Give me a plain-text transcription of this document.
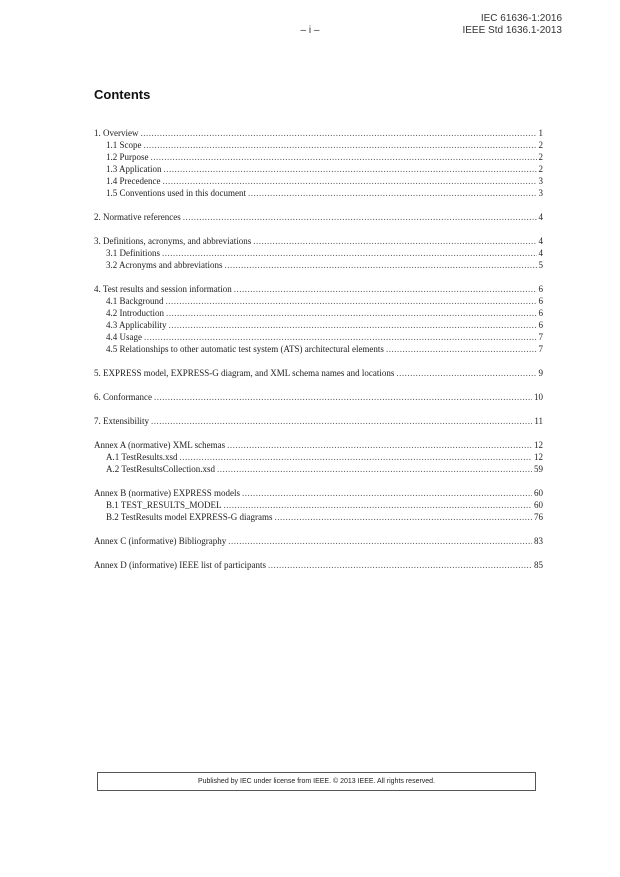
IEC 61636-1:2016
IEEE Std 1636.1-2013
– i –
Contents
1. Overview .....	1
1.1 Scope .....	2
1.2 Purpose .....	2
1.3 Application .....	2
1.4 Precedence .....	3
1.5 Conventions used in this document .....	3
2. Normative references .....	4
3. Definitions, acronyms, and abbreviations .....	4
3.1 Definitions .....	4
3.2 Acronyms and abbreviations .....	5
4. Test results and session information .....	6
4.1 Background .....	6
4.2 Introduction .....	6
4.3 Applicability .....	6
4.4 Usage .....	7
4.5 Relationships to other automatic test system (ATS) architectural elements .....	7
5. EXPRESS model, EXPRESS-G diagram, and XML schema names and locations .....	9
6. Conformance .....	10
7. Extensibility .....	11
Annex A (normative) XML schemas .....	12
A.1 TestResults.xsd .....	12
A.2 TestResultsCollection.xsd .....	59
Annex B (normative) EXPRESS models .....	60
B.1 TEST_RESULTS_MODEL .....	60
B.2 TestResults model EXPRESS-G diagrams .....	76
Annex C (informative) Bibliography .....	83
Annex D (informative) IEEE list of participants .....	85
Published by IEC under license from IEEE. © 2013 IEEE. All rights reserved.
